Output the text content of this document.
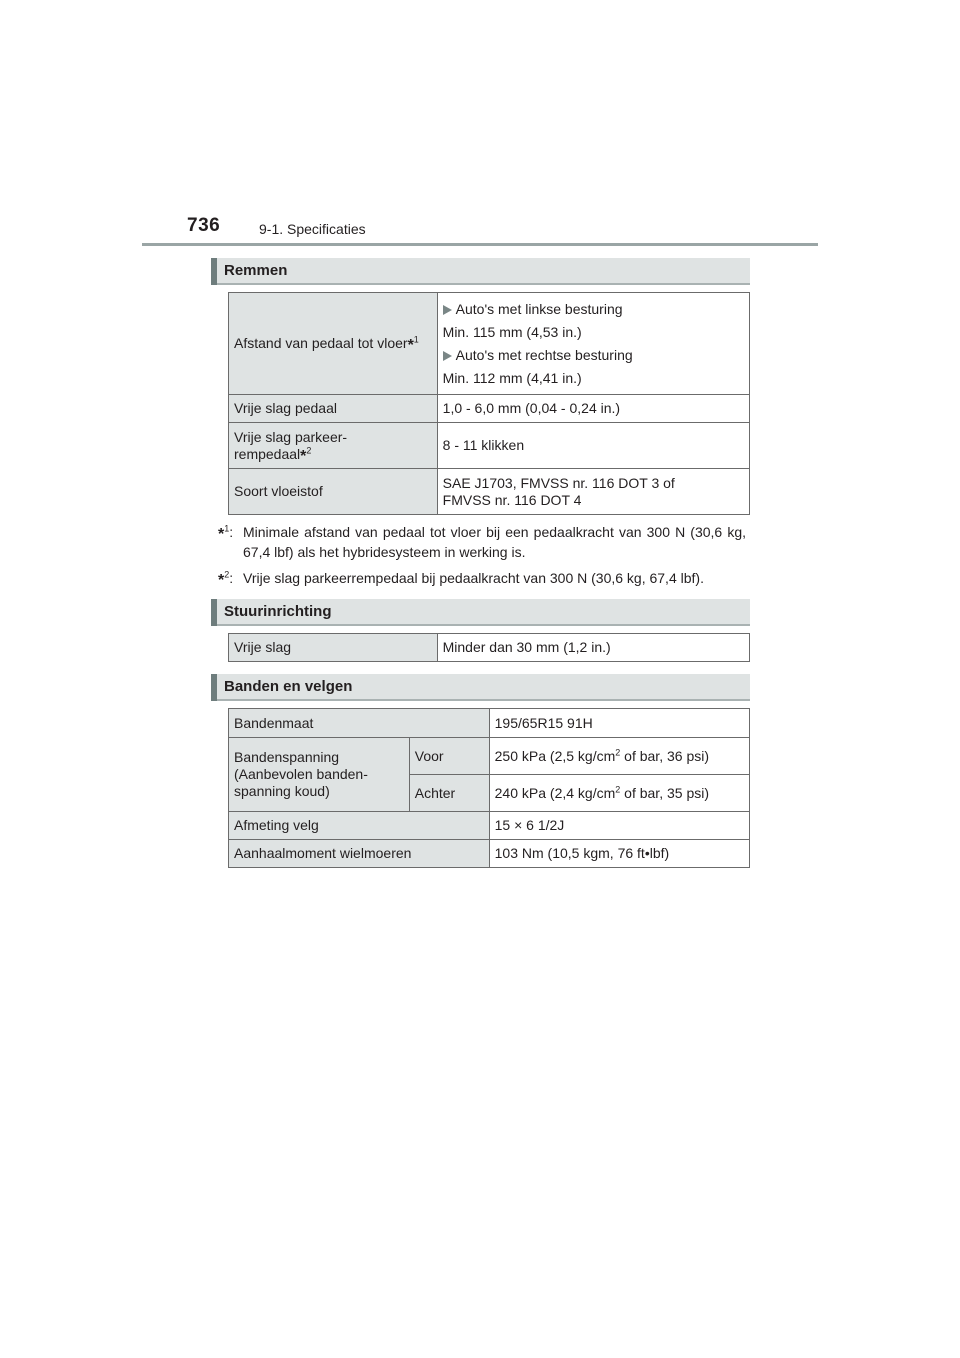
736	9-1. Specificaties
Remmen
Afstand van pedaal tot vloer*$^1$	Auto's met linkse besturing
Min. 115 mm (4,53 in.)
Auto's met rechtse besturing
Min. 112 mm (4,41 in.)

Vrije slag pedaal	1,0 - 6,0 mm (0,04 - 0,24 in.)
Vrije slag parkeer-
rempedaal*$^2$	8 - 11 klikken
Soort vloeistof	SAE J1703, FMVSS nr. 116 DOT 3 of
FMVSS nr. 116 DOT 4
*$^1$: Minimale afstand van pedaal tot vloer bij een pedaalkracht van 300 N (30,6 kg, 67,4 lbf) als het hybridesysteem in werking is.
*$^2$: Vrije slag parkeerrempedaal bij pedaalkracht van 300 N (30,6 kg, 67,4 lbf).
Stuurinrichting
Vrije slag	Minder dan 30 mm (1,2 in.)
Banden en velgen
Bandenmaat		195/65R15 91H
Bandenspanning
(Aanbevolen banden-
spanning koud)	Voor	250 kPa (2,5 $kg/cm^2$ of bar, 36 psi)
	Achter	240 kPa (2,4 $kg/cm^2$ of bar, 35 psi)
Afmeting velg		15 × 6 1/2J
Aanhaalmoment wielmoeren		103 Nm (10,5 kgm, 76 ft•lbf)
